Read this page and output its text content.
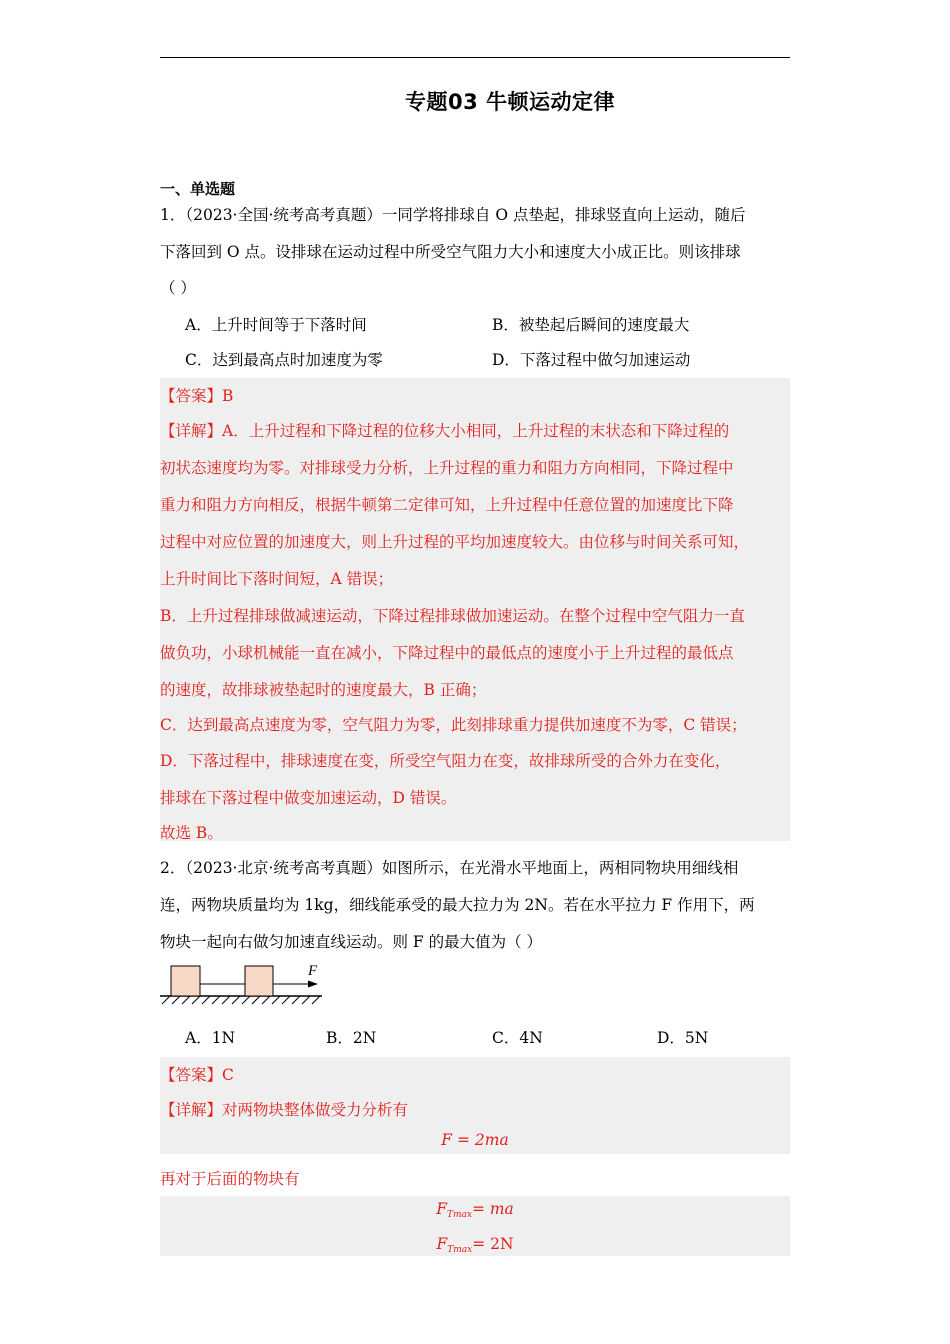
专题03 牛顿运动定律
一、单选题
1．（2023·全国·统考高考真题）一同学将排球自 O 点垫起，排球竖直向上运动，随后
下落回到 O 点。设排球在运动过程中所受空气阻力大小和速度大小成正比。则该排球
（ ）
A．上升时间等于下落时间	B．被垫起后瞬间的速度最大
C．达到最高点时加速度为零	D．下落过程中做匀加速运动
【答案】B
【详解】A．上升过程和下降过程的位移大小相同，上升过程的末状态和下降过程的
初状态速度均为零。对排球受力分析，上升过程的重力和阻力方向相同，下降过程中
重力和阻力方向相反，根据牛顿第二定律可知，上升过程中任意位置的加速度比下降
过程中对应位置的加速度大，则上升过程的平均加速度较大。由位移与时间关系可知，
上升时间比下落时间短，A 错误；
B．上升过程排球做减速运动，下降过程排球做加速运动。在整个过程中空气阻力一直
做负功，小球机械能一直在减小，下降过程中的最低点的速度小于上升过程的最低点
的速度，故排球被垫起时的速度最大，B 正确；
C．达到最高点速度为零，空气阻力为零，此刻排球重力提供加速度不为零，C 错误；
D．下落过程中，排球速度在变，所受空气阻力在变，故排球所受的合外力在变化，
排球在下落过程中做变加速运动，D 错误。
故选 B。
2．（2023·北京·统考高考真题）如图所示，在光滑水平地面上，两相同物块用细线相
连，两物块质量均为 1kg，细线能承受的最大拉力为 2N。若在水平拉力 F 作用下，两
物块一起向右做匀加速直线运动。则 F 的最大值为（ ）
F
A．1N	B．2N	C．4N	D．5N
【答案】C
【详解】对两物块整体做受力分析有
F = 2ma
再对于后面的物块有
$F_{Tmax}=$ ma
$F_{Tmax}= 2N$
